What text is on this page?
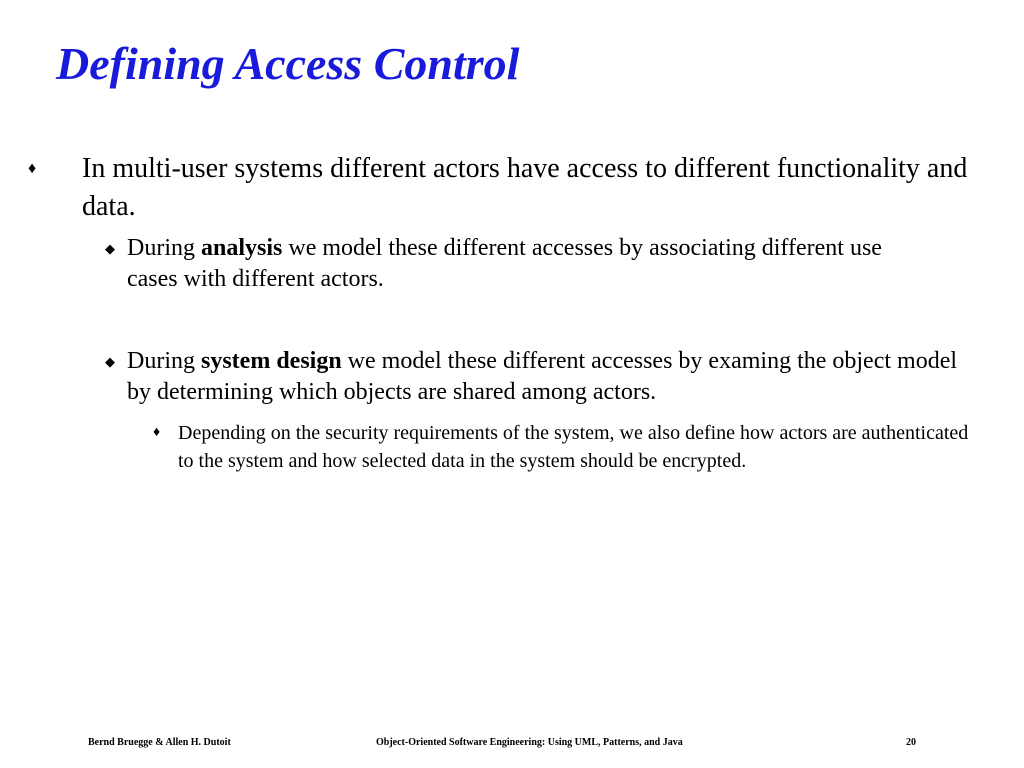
Defining Access Control
♦	In multi-user systems different actors have access to different functionality and data.
◆ During analysis we model these different accesses by associating different use cases with different actors.
◆ During system design we model these different accesses by examing the object model by determining which objects are shared among actors.
♦ Depending on the security requirements of the system, we also define how actors are authenticated to the system and how selected data in the system should be encrypted.
Bernd Bruegge & Allen H. Dutoit	Object-Oriented Software Engineering: Using UML, Patterns, and Java	20
